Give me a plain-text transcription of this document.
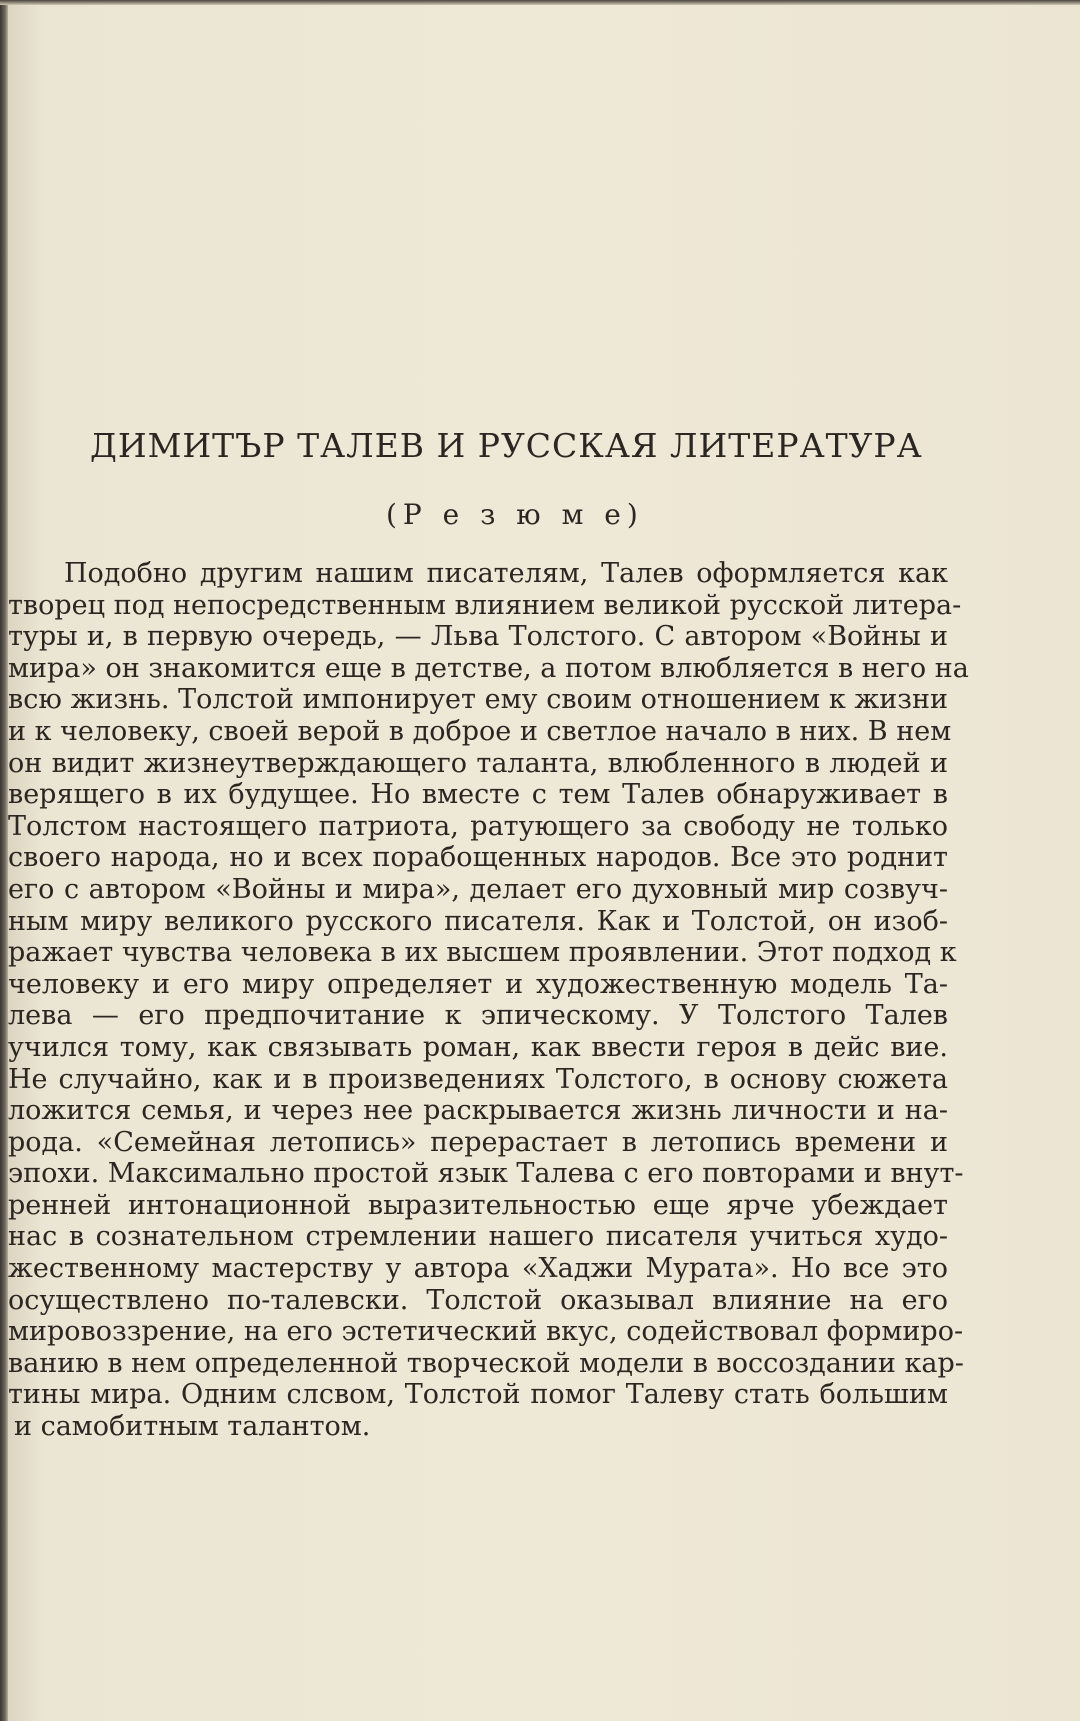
ДИМИТЪР ТАЛЕВ И РУССКАЯ ЛИТЕРАТУРА
(Р е з ю м е)
Подобно другим нашим писателям, Талев оформляется как
творец под непосредственным влиянием великой русской литера-
туры и, в первую очередь, — Льва Толстого. С автором «Войны и
мира» он знакомится еще в детстве, а потом влюбляется в него на
всю жизнь. Толстой импонирует ему своим отношением к жизни
и к человеку, своей верой в доброе и светлое начало в них. В нем
он видит жизнеутверждающего таланта, влюбленного в людей и
верящего в их будущее. Но вместе с тем Талев обнаруживает в
Толстом настоящего патриота, ратующего за свободу не только
своего народа, но и всех порабощенных народов. Все это роднит
его с автором «Войны и мира», делает его духовный мир созвуч-
ным миру великого русского писателя. Как и Толстой, он изоб-
ражает чувства человека в их высшем проявлении. Этот подход к
человеку и его миру определяет и художественную модель Та-
лева — его предпочитание к эпическому. У Толстого Талев
учился тому, как связывать роман, как ввести героя в дейс вие.
Не случайно, как и в произведениях Толстого, в основу сюжета
ложится семья, и через нее раскрывается жизнь личности и на-
рода. «Семейная летопись» перерастает в летопись времени и
эпохи. Максимально простой язык Талева с его повторами и внут-
ренней интонационной выразительностью еще ярче убеждает
нас в сознательном стремлении нашего писателя учиться худо-
жественному мастерству у автора «Хаджи Мурата». Но все это
осуществлено по-талевски. Толстой оказывал влияние на его
мировоззрение, на его эстетический вкус, содействовал формиро-
ванию в нем определенной творческой модели в воссоздании кар-
тины мира. Одним слсвом, Толстой помог Талеву стать большим
и самобитным талантом.
